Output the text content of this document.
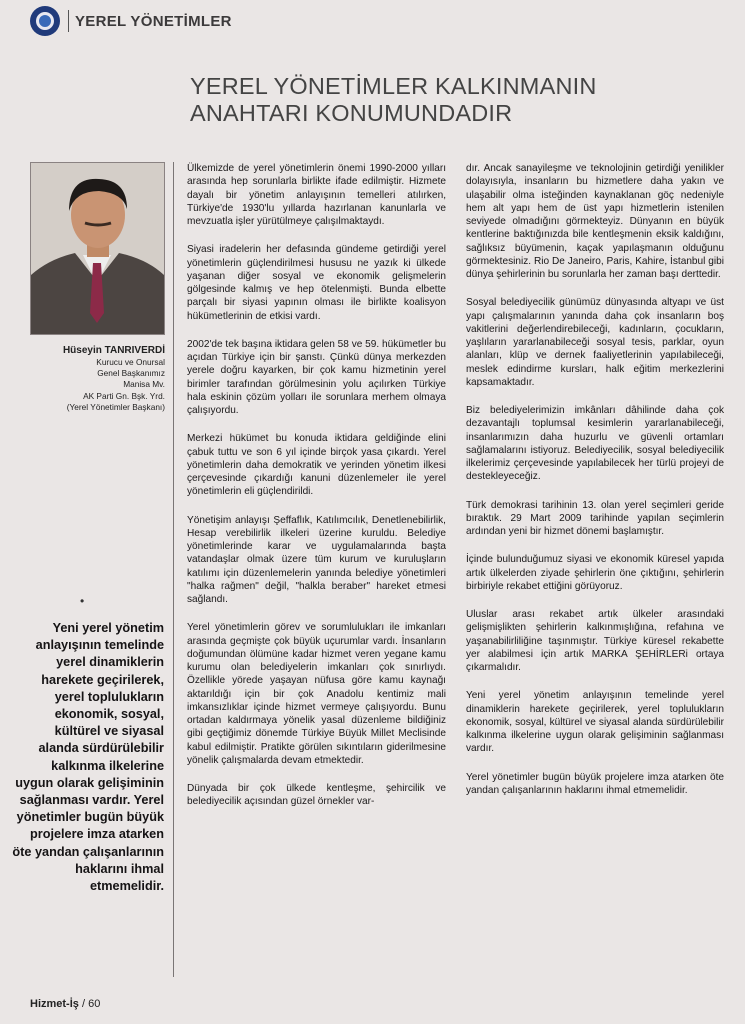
YEREL YÖNETİMLER
YEREL YÖNETİMLER KALKINMANIN
ANAHTARI KONUMUNDADIR
Hüseyin TANRIVERDİ
Kurucu ve Onursal
Genel Başkanımız
Manisa Mv.
AK Parti Gn. Bşk. Yrd.
(Yerel Yönetimler Başkanı)
•
Yeni yerel yönetim anlayışının temelinde yerel dinamiklerin harekete geçirilerek, yerel toplulukların ekonomik, sosyal, kültürel ve siyasal alanda sürdürülebilir kalkınma ilkelerine uygun olarak gelişiminin sağlanması vardır. Yerel yönetimler bugün büyük projelere imza atarken öte yandan çalışanlarının haklarını ihmal etmemelidir.

Ülkemizde de yerel yönetimlerin önemi 1990-2000 yılları arasında hep sorunlarla birlikte ifade edilmiştir. Hizmete dayalı bir yönetim anlayışının temelleri atılırken, Türkiye'de 1930'lu yıllarda hazırlanan kanunlarla ve mevzuatla işler yürütülmeye çalışılmaktaydı.

Siyasi iradelerin her defasında gündeme getirdiği yerel yönetimlerin güçlendirilmesi hususu ne yazık ki ülkede yaşanan diğer sosyal ve ekonomik gelişmelerin gölgesinde kalmış ve hep ötelenmişti. Bunda elbette parçalı bir siyasi yapının olması ile birlikte koalisyon hükümetlerinin de etkisi vardı.

2002'de tek başına iktidara gelen 58 ve 59. hükümetler bu açıdan Türkiye için bir şanstı. Çünkü dünya merkezden yerele doğru kayarken, bir çok kamu hizmetinin yerel birimler tarafından görülmesinin yolu açılırken Türkiye hala eskinin çözüm yolları ile sorunlara merhem olmaya çalışıyordu.

Merkezi hükümet bu konuda iktidara geldiğinde elini çabuk tuttu ve son 6 yıl içinde birçok yasa çıkardı. Yerel yönetimlerin daha demokratik ve yerinden yönetim ilkesi çerçevesinde çıkardığı kanuni düzenlemeler ile yerel yönetimlerin eli güçlendirildi.

Yönetişim anlayışı Şeffaflık, Katılımcılık, Denetlenebilirlik, Hesap verebilirlik ilkeleri üzerine kuruldu. Belediye yönetimlerinde karar ve uygulamalarında başta vatandaşlar olmak üzere tüm kurum ve kuruluşların katılımı için düzenlemelerin yanında belediye yönetimleri "halka rağmen" değil, "halkla beraber" hareket etmesi sağlandı.

Yerel yönetimlerin görev ve sorumlulukları ile imkanları arasında geçmişte çok büyük uçurumlar vardı. İnsanların doğumundan ölümüne kadar hizmet veren yegane kamu kurumu olan belediyelerin imkanları çok sınırlıydı. Özellikle yörede yaşayan nüfusa göre kamu kaynağı aktarıldığı için bir çok Anadolu kentimiz mali imkansızlıklar içinde hizmet vermeye çalışıyordu. Bunu ortadan kaldırmaya yönelik yasal düzenleme bildiğiniz gibi geçtiğimiz dönemde Türkiye Büyük Millet Meclisinde kabul edilmiştir. Pratikte görülen sıkıntıların giderilmesine yönelik çalışmalarda devam etmektedir.

Dünyada bir çok ülkede kentleşme, şehircilik ve belediyecilik açısından güzel örnekler var-

dır. Ancak sanayileşme ve teknolojinin getirdiği yenilikler dolayısıyla, insanların bu hizmetlere daha yakın ve ulaşabilir olma isteğinden kaynaklanan göç nedeniyle hem alt yapı hem de üst yapı hizmetlerin istenilen seviyede olmadığını görmekteyiz. Dünyanın en büyük kentlerine baktığınızda bile kentleşmenin eksik kaldığını, sağlıksız büyümenin, kaçak yapılaşmanın olduğunu görmektesiniz. Rio De Janeiro, Paris, Kahire, İstanbul gibi dünya şehirlerinin bu sorunlarla her zaman başı derttedir.

Sosyal belediyecilik günümüz dünyasında altyapı ve üst yapı çalışmalarının yanında daha çok insanların boş vakitlerini değerlendirebileceği, kadınların, çocukların, yaşlıların yararlanabileceği sosyal tesis, parklar, oyun alanları, klüp ve dernek faaliyetlerinin yapılabileceği, meslek edindirme kursları, halk eğitim merkezlerini kapsamaktadır.

Biz belediyelerimizin imkânları dâhilinde daha çok dezavantajlı toplumsal kesimlerin yararlanabileceği, insanlarımızın daha huzurlu ve güvenli ortamları sağlamalarını istiyoruz. Belediyecilik, sosyal belediyecilik ilkelerimiz çerçevesinde yapılabilecek her türlü projeyi de destekleyeceğiz.

Türk demokrasi tarihinin 13. olan yerel seçimleri geride bıraktık. 29 Mart 2009 tarihinde yapılan seçimlerin ardından yeni bir hizmet dönemi başlamıştır.

İçinde bulunduğumuz siyasi ve ekonomik küresel yapıda artık ülkelerden ziyade şehirlerin öne çıktığını, şehirlerin birbiriyle rekabet ettiğini görüyoruz.

Uluslar arası rekabet artık ülkeler arasındaki gelişmişlikten şehirlerin kalkınmışlığına, refahına ve yaşanabilirliliğine taşınmıştır. Türkiye küresel rekabette yer alabilmesi için artık MARKA ŞEHİRLERi ortaya çıkarmalıdır.

Yeni yerel yönetim anlayışının temelinde yerel dinamiklerin harekete geçirilerek, yerel toplulukların ekonomik, sosyal, kültürel ve siyasal alanda sürdürülebilir kalkınma ilkelerine uygun olarak gelişiminin sağlanması vardır.

Yerel yönetimler bugün büyük projelere imza atarken öte yandan çalışanlarının haklarını ihmal etmemelidir.

Hizmet-İş / 60
